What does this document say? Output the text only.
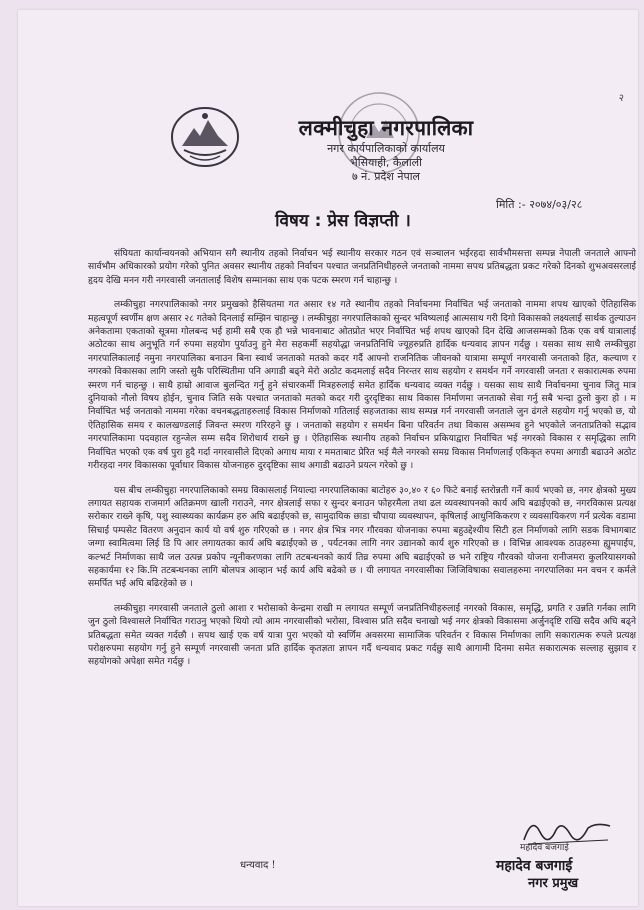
२
लक्मीचुहा नगरपालिका
नगर कार्यपालिकाको कार्यालय
भैसियाही, कैलाली
७ नं. प्रदेश नेपाल
मिति :- २०७४/०३/२८
विषय : प्रेस विज्ञप्ती ।

संघियता कार्यान्वयनको अभियान सगै स्थानीय तहको निर्वाचन भई स्थानीय सरकार गठन एवं सञ्चालन भईरहदा सार्वभौमसत्ता सम्पन्न नेपाली जनताले आफ्नो सार्वभौम अधिकारको प्रयोग गरेको पुनित अवसर स्थानीय तहको निर्वाचन पश्चात जनप्रतिनिधीहरुले जनताको नाममा सपथ प्रतिबद्धता प्रकट गरेको दिनको शुभअवसरलाई हृदय देखि मनन गरी नगरवासी जनतालाई विशेष सम्मानका साथ एक पटक स्मरण गर्न चाहान्छु ।

लम्कीचुहा नगरपालिकाको नगर प्रमुखको हैसियतमा गत असार १४ गते स्थानीय तहको निर्वाचनमा निर्वाचित भई जनताको नाममा शपथ खाएको ऐतिहासिक महत्वपूर्ण स्वर्णीम क्षण असार २८ गतेको दिनलाई सम्झिन चाहान्छु । लम्कीचुहा नगरपालिकाको सुन्दर भविष्यलाई आत्मसाथ गरी दिगो विकासको लक्ष्यलाई सार्थक तुल्याउन अनेकतामा एकताको सूत्रमा गोलबन्द भई हामी सबै एक हौ भन्ने भावनाबाट ओतप्रोत भएर निर्वाचित भई शपथ खाएको दिन देखि आजसम्मको ठिक एक वर्ष यात्रालाई अठोटका साथ अनुभूति गर्न रुपमा सहयोग पुर्याउनु हुने मेरा सहकर्मी सहयोद्धा जनप्रतिनिधि ज्यूहरुप्रति हार्दिक धन्यवाद ज्ञापन गर्दछु । यसका साथ साथै लम्कीचुहा नगरपालिकालाई नमुना नगरपालिका बनाउन बिना स्वार्थ जनताको मतको कदर गर्दै आफ्नो राजनितिक जीवनको यात्रामा सम्पूर्ण नगरवासी जनताको हित, कल्याण र नगरको विकासका लागि जस्तो सुकै परिस्थितीमा पनि अगाडी बढ्ने मेरो अठोट कदमलाई सदैव निरन्तर साथ सहयोग र समर्थन गर्ने नगरवासी जनता र सकारात्मक रुपमा स्मरण गर्न चाहन्छु । साथै हाम्रो आवाज बुलन्दित गर्नु हुने संचारकर्मी मित्रहरुलाई समेत हार्दिक धन्यवाद व्यक्त गर्दछु । यसका साथ साथै निर्वाचनमा चुनाव जितु मात्र दुनियाको नौलो विषय होईन, चुनाव जिति सके पश्चात जनताको मतको कदर गरी दुरदृष्टिका साथ विकास निर्माणमा जनताको सेवा गर्नु सबै भन्दा ठुलो कुरा हो । म निर्वाचित भई जनताको नाममा गरेका वचनबद्धताहरुलाई विकास निर्माणको गतिलाई सहजताका साथ सम्पन्न गर्न नगरवासी जनताले जुन ढंगले सहयोग गर्नु भएको छ, यो ऐतिहासिक समय र कालखण्डलाई जिवन्त स्मरण गरिरहने छु । जनताको सहयोग र समर्थन बिना परिवर्तन तथा विकास असम्भव हुने भएकोले जनताप्रतिको सद्भाव नगरपालिकामा पदवहाल रहुन्जेल सम्म सदैव शिरोधार्य राख्ने छु । ऐतिहासिक स्थानीय तहको निर्वाचन प्रकियाद्वारा निर्वाचित भई नगरको विकास र समृद्धिका लागि निर्वाचित भएको एक वर्ष पुरा हुदै गर्दा नगरवासीले दिएको अगाध माया र ममताबाट प्रेरित भई मैले नगरको समग्र विकास निर्माणलाई एकिकृत रुपमा अगाडी बढाउने अठोट गरीरहदा नगर विकासका पूर्वाधार विकास योजनाहरु दुरदृष्टिका साथ अगाडी बढाउने प्रयत्न गरेको छु ।

यस बीच लम्कीचुहा नगरपालिकाको समग्र विकासलाई नियाल्दा नगरपालिकाका बाटोहरु ३०,४० र ६० फिटे बनाई स्तरोन्नती गर्ने कार्य भएको छ, नगर क्षेत्रको मुख्य लगायत सहायक राजमार्ग अतिक्रमण खाली गराउने, नगर क्षेत्रलाई सफा र सुन्दर बनाउन फोहरमैला तथा ढल व्यवस्थापनको कार्य अघि बढाईएको छ, नगरविकास प्रत्यक्ष सरोकार राख्ने कृषि, पशु स्वास्थ्यका कार्यक्रम हरु अघि बढाईएको छ, सामुदायिक छाडा चौपाया व्यवस्थापन, कृषिलाई आधुनिकिकरण र व्यवसायिकरण गर्न प्रत्येक वडामा सिचाई पम्पसेट वितरण अनुदान कार्य यो वर्ष शुरु गरिएको छ । नगर क्षेत्र भित्र नगर गौरवका योजनाका रुपमा बहुउद्देश्यीय सिटी हल निर्माणको लागि सडक विभागबाट जग्गा स्वामित्वमा लिई डि पि आर लगायतका कार्य अघि बढाईएको छ , पर्यटनका लागि नगर उद्यानको कार्य शुरु गरिएको छ । विभिन्न आवश्यक ठाउहरुमा ह्युमपाईप, कल्भर्ट निर्माणका साथै जल उत्पन्न प्रकोप न्यूनीकरणका लागि तटबन्धनको कार्य तिव्र रुपमा अघि बढाईएको छ भने राष्ट्रिय गौरवको योजना रानीजमरा कुलरियासगको सहकार्यमा १२ कि.मि तटबन्धनका लागि बोलपत्र आव्हान भई कार्य अघि बढेको छ । यी लगायत नगरवासीका जिजिविषाका सवालहरुमा नगरपालिका मन वचन र कर्मले समर्पित भई अघि बढिरहेको छ ।

लम्कीचुहा नगरवासी जनताले ठुलो आशा र भरोसाको केन्द्रमा राखी म लगायत सम्पूर्ण जनप्रतिनिधीहरुलाई नगरको विकास, समृद्धि, प्रगति र उन्नति गर्नका लागि जुन ठुलो विश्वासले निर्वाचित गराउनु भएको थियो त्यो आम नगरवासीको भरोसा, विश्वास प्रति सदैव चनाखो भई नगर क्षेत्रको विकासमा अर्जुनदृष्टि राखि सदैव अघि बढ्ने प्रतिबद्धता समेत व्यक्त गर्दछौ । सपथ खाई एक वर्ष यात्रा पुरा भएको यो स्वर्णिम अवसरमा सामाजिक परिवर्तन र विकास निर्माणका लागि सकारात्मक रुपले प्रत्यक्ष परोक्षरुपमा सहयोग गर्नु हुने सम्पूर्ण नगरवासी जनता प्रति हार्दिक कृतज्ञता ज्ञापन गर्दै धन्यवाद प्रकट गर्दछु साथै आगामी दिनमा समेत सकारात्मक सल्लाह सुझाव र सहयोगको अपेक्षा समेत गर्दछु ।

धन्यवाद !
महादेव बजगाई
महादेव बजगाई
नगर प्रमुख
